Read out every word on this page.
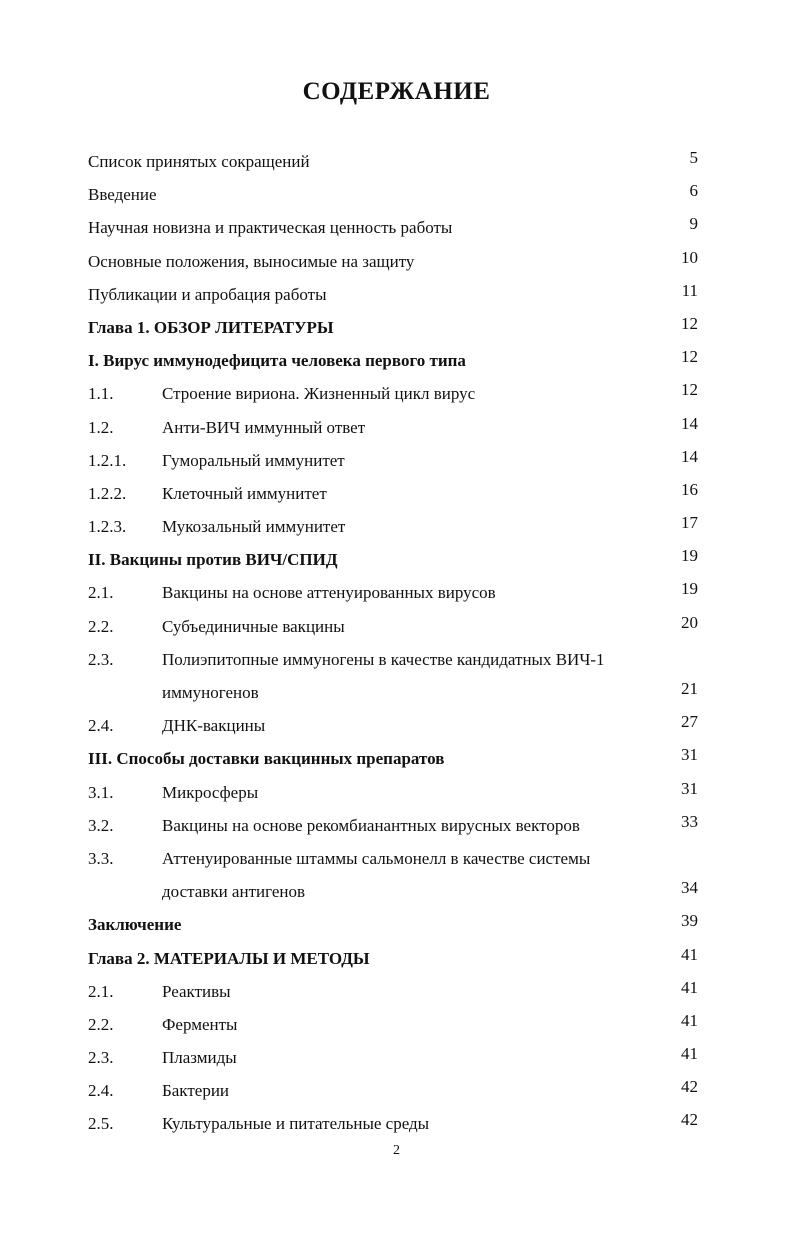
СОДЕРЖАНИЕ
Список принятых сокращений	5
Введение	6
Научная новизна и практическая ценность работы	9
Основные положения, выносимые на защиту	10
Публикации и апробация работы	11
Глава 1. ОБЗОР ЛИТЕРАТУРЫ	12
I. Вирус иммунодефицита человека первого типа	12
1.1.	Строение вириона. Жизненный цикл вирус	12
1.2.	Анти-ВИЧ иммунный ответ	14
1.2.1. Гуморальный иммунитет	14
1.2.2. Клеточный иммунитет	16
1.2.3. Мукозальный иммунитет	17
II. Вакцины против ВИЧ/СПИД	19
2.1.	Вакцины на основе аттенуированных вирусов	19
2.2.	Субъединичные вакцины	20
2.3.	Полиэпитопные иммуногены в качестве кандидатных ВИЧ-1
иммуногенов	21
2.4.	ДНК-вакцины	27
III. Способы доставки вакцинных препаратов	31
3.1.	Микросферы	31
3.2.	Вакцины на основе рекомбианантных вирусных векторов	33
3.3.	Аттенуированные штаммы сальмонелл в качестве системы
доставки антигенов	34
Заключение	39
Глава 2. МАТЕРИАЛЫ И МЕТОДЫ	41
2.1.	Реактивы	41
2.2.	Ферменты	41
2.3.	Плазмиды	41
2.4.	Бактерии	42
2.5.	Культуральные и питательные среды	42
2
